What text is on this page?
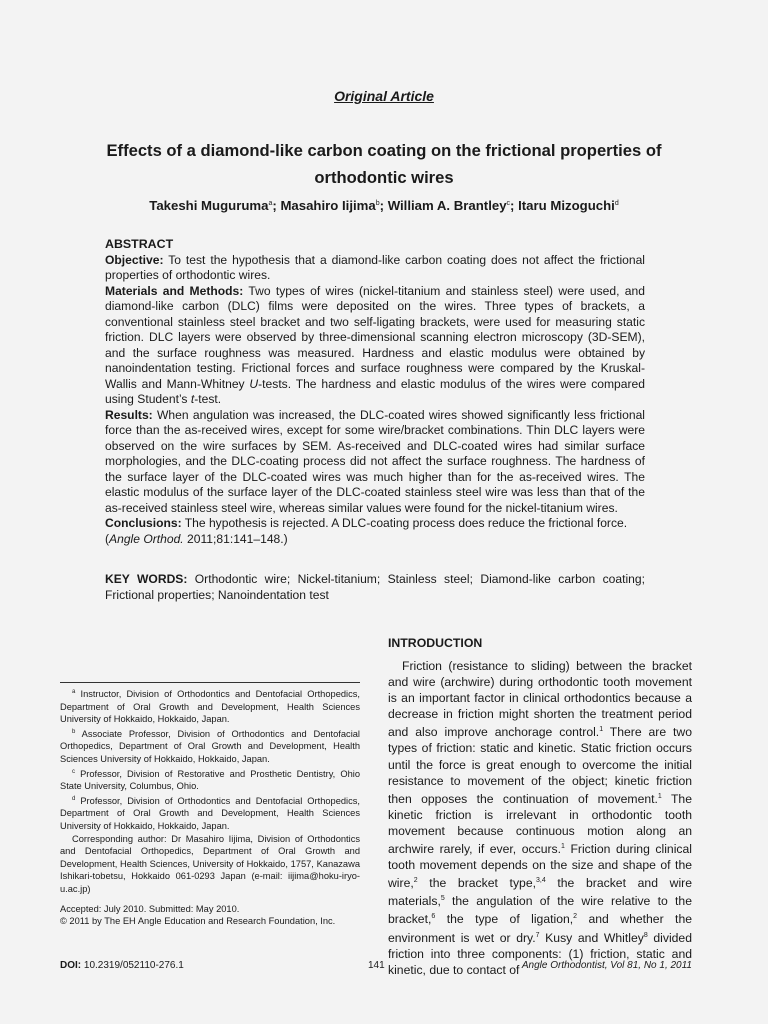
Original Article
Effects of a diamond-like carbon coating on the frictional properties of orthodontic wires
Takeshi Muguruma$^a$; Masahiro Iijima$^b$; William A. Brantley$^c$; Itaru Mizoguchi$^d$
ABSTRACT

Objective: To test the hypothesis that a diamond-like carbon coating does not affect the frictional properties of orthodontic wires.

Materials and Methods: Two types of wires (nickel-titanium and stainless steel) were used, and diamond-like carbon (DLC) films were deposited on the wires. Three types of brackets, a conventional stainless steel bracket and two self-ligating brackets, were used for measuring static friction. DLC layers were observed by three-dimensional scanning electron microscopy (3D-SEM), and the surface roughness was measured. Hardness and elastic modulus were obtained by nanoindentation testing. Frictional forces and surface roughness were compared by the Kruskal-Wallis and Mann-Whitney U-tests. The hardness and elastic modulus of the wires were compared using Student’s t-test.

Results: When angulation was increased, the DLC-coated wires showed significantly less frictional force than the as-received wires, except for some wire/bracket combinations. Thin DLC layers were observed on the wire surfaces by SEM. As-received and DLC-coated wires had similar surface morphologies, and the DLC-coating process did not affect the surface roughness. The hardness of the surface layer of the DLC-coated wires was much higher than for the as-received wires. The elastic modulus of the surface layer of the DLC-coated stainless steel wire was less than that of the as-received stainless steel wire, whereas similar values were found for the nickel-titanium wires.

Conclusions: The hypothesis is rejected. A DLC-coating process does reduce the frictional force.

(Angle Orthod. 2011;81:141–148.)

KEY WORDS: Orthodontic wire; Nickel-titanium; Stainless steel; Diamond-like carbon coating; Frictional properties; Nanoindentation test

$^a$ Instructor, Division of Orthodontics and Dentofacial Orthopedics, Department of Oral Growth and Development, Health Sciences University of Hokkaido, Hokkaido, Japan.

$^b$ Associate Professor, Division of Orthodontics and Dentofacial Orthopedics, Department of Oral Growth and Development, Health Sciences University of Hokkaido, Hokkaido, Japan.

$^c$ Professor, Division of Restorative and Prosthetic Dentistry, Ohio State University, Columbus, Ohio.

$^d$ Professor, Division of Orthodontics and Dentofacial Orthopedics, Department of Oral Growth and Development, Health Sciences University of Hokkaido, Hokkaido, Japan.

Corresponding author: Dr Masahiro Iijima, Division of Orthodontics and Dentofacial Orthopedics, Department of Oral Growth and Development, Health Sciences, University of Hokkaido, 1757, Kanazawa Ishikari-tobetsu, Hokkaido 061-0293 Japan (e-mail: iijima@hoku-iryo-u.ac.jp)

Accepted: July 2010. Submitted: May 2010.

© 2011 by The EH Angle Education and Research Foundation, Inc.

INTRODUCTION

Friction (resistance to sliding) between the bracket and wire (archwire) during orthodontic tooth movement is an important factor in clinical orthodontics because a decrease in friction might shorten the treatment period and also improve anchorage control.$^1$ There are two types of friction: static and kinetic. Static friction occurs until the force is great enough to overcome the initial resistance to movement of the object; kinetic friction then opposes the continuation of movement.$^1$ The kinetic friction is irrelevant in orthodontic tooth movement because continuous motion along an archwire rarely, if ever, occurs.$^1$ Friction during clinical tooth movement depends on the size and shape of the wire,$^2$ the bracket type,$^{3,4}$ the bracket and wire materials,$^5$ the angulation of the wire relative to the bracket,$^6$ the type of ligation,$^2$ and whether the environment is wet or dry.$^7$ Kusy and Whitley$^8$ divided friction into three components: (1) friction, static and kinetic, due to contact of

DOI: 10.2319/052110-276.1	141	Angle Orthodontist, Vol 81, No 1, 2011
